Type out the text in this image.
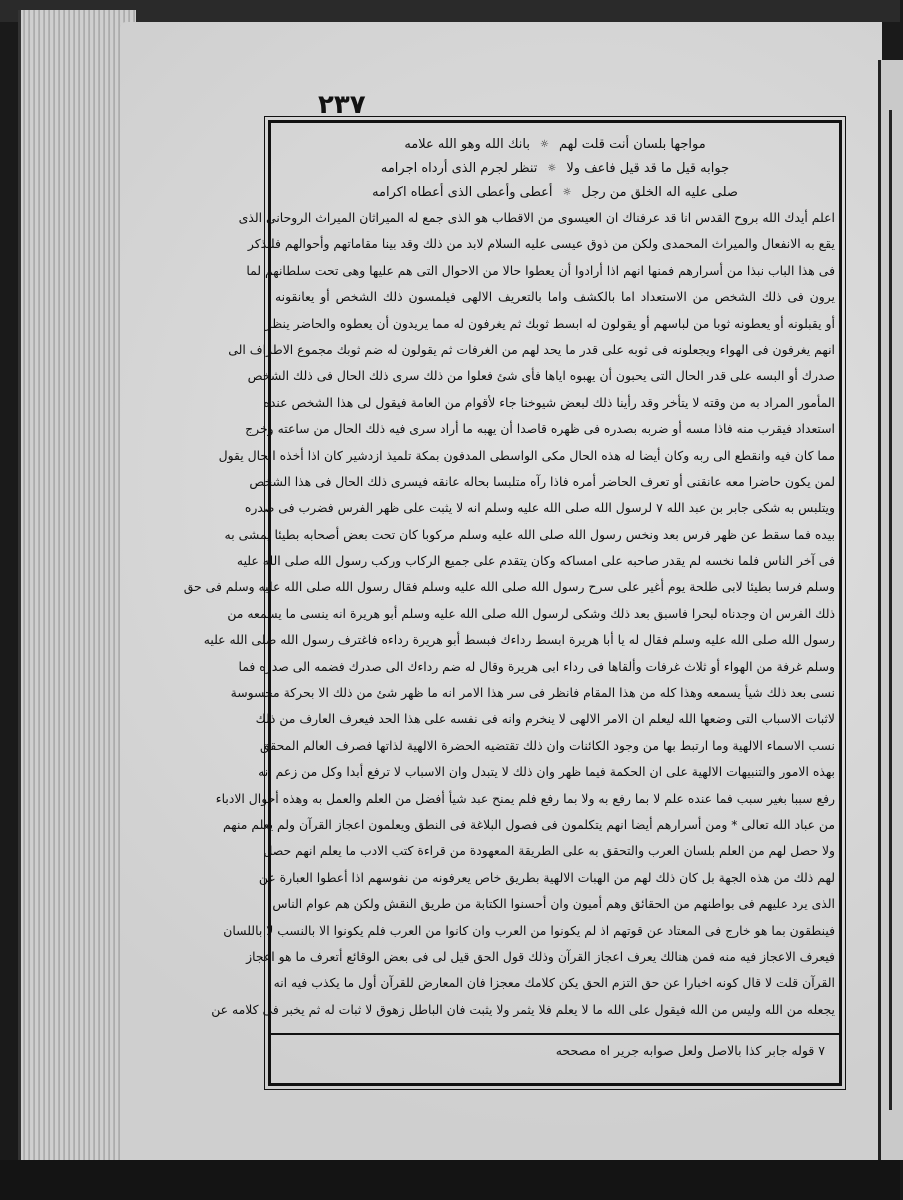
٢٣٧
مواجها بلسان أنت قلت لهم
☼
بانك الله وهو الله علامه
جوابه قيل ما قد قيل فاعف ولا
☼
تنظر لجرم الذى أرداه اجرامه
صلى عليه اله الخلق من رجل
☼
أعطى وأعطى الذى أعطاه اكرامه
اعلم أيدك الله بروح القدس انا قد عرفناك ان العيسوى من الاقطاب هو الذى جمع له الميراثان الميراث الروحانى الذى
يقع به الانفعال والميراث المحمدى ولكن من ذوق عيسى عليه السلام لابد من ذلك وقد بينا مقاماتهم وأحوالهم فلنذكر
فى هذا الباب نبذا من أسرارهم فمنها انهم اذا أرادوا أن يعطوا حالا من الاحوال التى هم عليها وهى تحت سلطانهم لما
يرون فى ذلك الشخص من الاستعداد اما بالكشف واما بالتعريف الالهى فيلمسون ذلك الشخص أو يعانقونه
أو يقبلونه أو يعطونه ثوبا من لباسهم أو يقولون له ابسط ثوبك ثم يغرفون له مما يريدون أن يعطوه والحاضر ينظر
انهم يغرفون فى الهواء ويجعلونه فى ثوبه على قدر ما يحد لهم من الغرفات ثم يقولون له ضم ثوبك مجموع الاطراف الى
صدرك أو البسه على قدر الحال التى يحبون أن يهبوه اياها فأى شئ فعلوا من ذلك سرى ذلك الحال فى ذلك الشخص
المأمور المراد به من وقته لا يتأخر وقد رأينا ذلك لبعض شيوخنا جاء لأقوام من العامة فيقول لى هذا الشخص عنده
استعداد فيقرب منه فاذا مسه أو ضربه بصدره فى ظهره قاصدا أن يهبه ما أراد سرى فيه ذلك الحال من ساعته وخرج
مما كان فيه وانقطع الى ربه وكان أيضا له هذه الحال مكى الواسطى المدفون بمكة تلميذ ازدشير كان اذا أخذه الحال يقول
لمن يكون حاضرا معه عانقنى أو تعرف الحاضر أمره فاذا رآه متلبسا بحاله عانقه فيسرى ذلك الحال فى هذا الشخص
ويتلبس به شكى جابر بن عبد الله ٧ لرسول الله صلى الله عليه وسلم انه لا يثبت على ظهر الفرس فضرب فى صدره
بيده فما سقط عن ظهر فرس بعد ونخس رسول الله صلى الله عليه وسلم مركوبا كان تحت بعض أصحابه بطيئا يمشى به
فى آخر الناس فلما نخسه لم يقدر صاحبه على امساكه وكان يتقدم على جميع الركاب وركب رسول الله صلى الله عليه
وسلم فرسا بطيئا لابى طلحة يوم أغير على سرح رسول الله صلى الله عليه وسلم فقال رسول الله صلى الله عليه وسلم فى حق
ذلك الفرس ان وجدناه لبحرا فاسبق بعد ذلك وشكى لرسول الله صلى الله عليه وسلم أبو هريرة انه ينسى ما يسمعه من
رسول الله صلى الله عليه وسلم فقال له يا أبا هريرة ابسط رداءك فبسط أبو هريرة رداءه فاغترف رسول الله صلى الله عليه
وسلم غرفة من الهواء أو ثلاث غرفات وألقاها فى رداء ابى هريرة وقال له ضم رداءك الى صدرك فضمه الى صدره فما
نسى بعد ذلك شيأ يسمعه وهذا كله من هذا المقام فانظر فى سر هذا الامر انه ما ظهر شئ من ذلك الا بحركة محسوسة
لاثبات الاسباب التى وضعها الله ليعلم ان الامر الالهى لا ينخرم وانه فى نفسه على هذا الحد فيعرف العارف من ذلك
نسب الاسماء الالهية وما ارتبط بها من وجود الكائنات وان ذلك تقتضيه الحضرة الالهية لذاتها فصرف العالم المحقق
بهذه الامور والتنبيهات الالهية على ان الحكمة فيما ظهر وان ذلك لا يتبدل وان الاسباب لا ترفع أبدا وكل من زعم انه
رفع سببا بغير سبب فما عنده علم لا بما رفع به ولا بما رفع فلم يمنح عبد شيأ أفضل من العلم والعمل به وهذه أحوال الادباء
من عباد الله تعالى * ومن أسرارهم أيضا انهم يتكلمون فى فصول البلاغة فى النطق ويعلمون اعجاز القرآن ولم يعلم منهم
ولا حصل لهم من العلم بلسان العرب والتحقق به على الطريقة المعهودة من قراءة كتب الادب ما يعلم انهم حصل
لهم ذلك من هذه الجهة بل كان ذلك لهم من الهبات الالهية بطريق خاص يعرفونه من نفوسهم اذا أعطوا العبارة عن
الذى يرد عليهم فى بواطنهم من الحقائق وهم أميون وان أحسنوا الكتابة من طريق النقش ولكن هم عوام الناس
فينطقون بما هو خارج فى المعتاد عن قوتهم اذ لم يكونوا من العرب وان كانوا من العرب فلم يكونوا الا بالنسب لا باللسان
فيعرف الاعجاز فيه منه فمن هنالك يعرف اعجاز القرآن وذلك قول الحق قيل لى فى بعض الوقائع أتعرف ما هو اعجاز
القرآن قلت لا قال كونه اخبارا عن حق التزم الحق يكن كلامك معجزا فان المعارض للقرآن أول ما يكذب فيه انه
يجعله من الله وليس من الله فيقول على الله ما لا يعلم فلا يثمر ولا يثبت فان الباطل زهوق لا ثبات له ثم يخبر فى كلامه عن
٧ قوله جابر كذا بالاصل ولعل صوابه جرير اه مصححه
